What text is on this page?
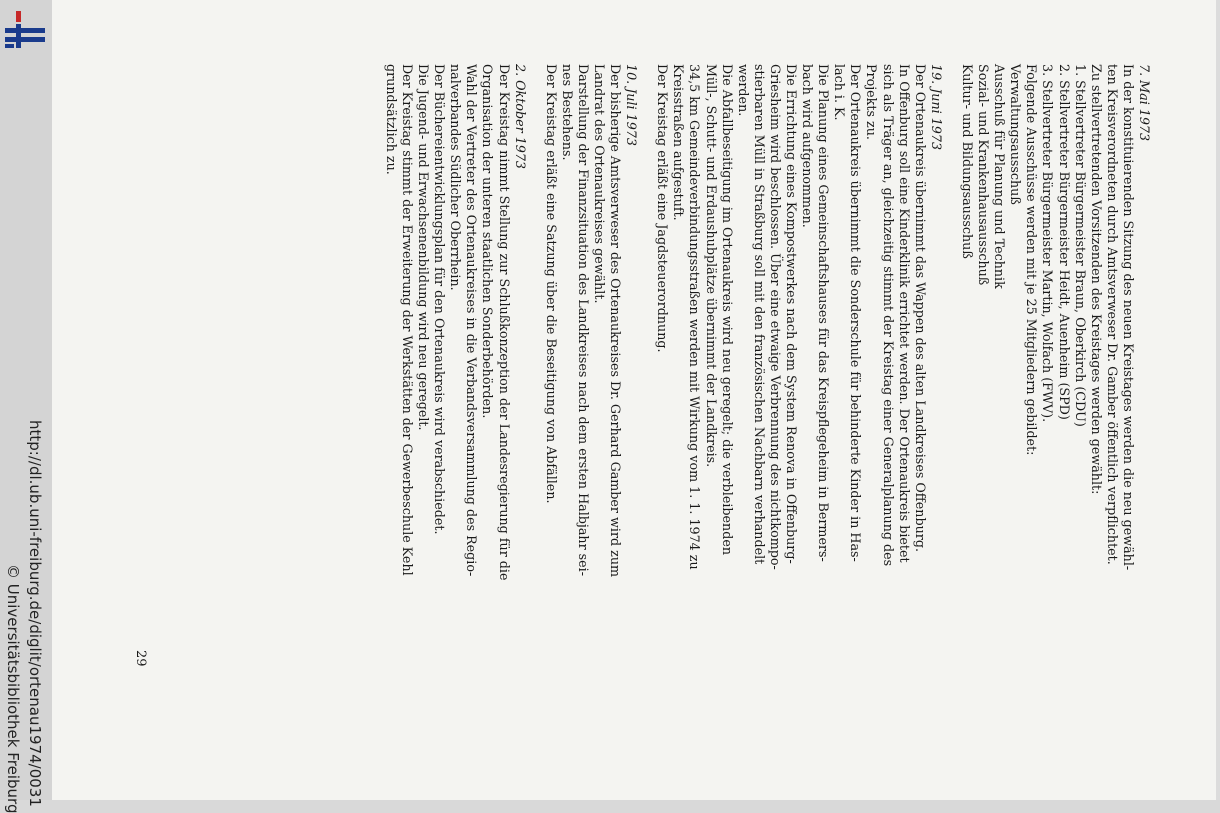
http://dl.ub.uni-freiburg.de/diglit/ortenau1974/0031
© Universitätsbibliothek Freiburg

7. Mai 1973

In der konstituierenden Sitzung des neuen Kreistages werden die neu gewähl-

ten Kreisverordneten durch Amtsverweser Dr. Gamber öffentlich verpflichtet.

Zu stellvertretenden Vorsitzenden des Kreistages werden gewählt:

1. Stellvertreter Bürgermeister Braun, Oberkirch (CDU)

2. Stellvertreter Bürgermeister Heidt, Auenheim (SPD)

3. Stellvertreter Bürgermeister Martin, Wolfach (FWV).

Folgende Ausschüsse werden mit je 25 Mitgliedern gebildet:

Verwaltungsausschuß

Ausschuß für Planung und Technik

Sozial- und Krankenhausausschuß

Kultur- und Bildungsausschuß

19. Juni 1973

Der Ortenaukreis übernimmt das Wappen des alten Landkreises Offenburg.

In Offenburg soll eine Kinderklinik errichtet werden. Der Ortenaukreis bietet

sich als Träger an, gleichzeitig stimmt der Kreistag einer Generalplanung des

Projekts zu.

Der Ortenaukreis übernimmt die Sonderschule für behinderte Kinder in Has-

lach i. K.

Die Planung eines Gemeinschaftshauses für das Kreispflegeheim in Bermers-

bach wird aufgenommen.

Die Errichtung eines Kompostwerkes nach dem System Renova in Offenburg-

Griesheim wird beschlossen. Über eine etwaige Verbrennung des nichtkompo-

stierbaren Müll in Straßburg soll mit den französischen Nachbarn verhandelt

werden.

Die Abfallbeseitigung im Ortenaukreis wird neu geregelt; die verbleibenden

Müll-, Schutt- und Erdaushubplätze übernimmt der Landkreis.

34,5 km Gemeindeverbindungsstraßen werden mit Wirkung vom 1. 1. 1974 zu

Kreisstraßen aufgestuft.

Der Kreistag erläßt eine Jagdsteuerordnung.

10. Juli 1973

Der bisherige Amtsverweser des Ortenaukreises Dr. Gerhard Gamber wird zum

Landrat des Ortenaukreises gewählt.

Darstellung der Finanzsituation des Landkreises nach dem ersten Halbjahr sei-

nes Bestehens.

Der Kreistag erläßt eine Satzung über die Beseitigung von Abfällen.

2. Oktober 1973

Der Kreistag nimmt Stellung zur Schlußkonzeption der Landesregierung für die

Organisation der unteren staatlichen Sonderbehörden.

Wahl der Vertreter des Ortenaukreises in die Verbandsversammlung des Regio-

nalverbandes Südlicher Oberrhein.

Der Büchereientwicklungsplan für den Ortenaukreis wird verabschiedet.

Die Jugend- und Erwachsenenbildung wird neu geregelt.

Der Kreistag stimmt der Erweiterung der Werkstätten der Gewerbeschule Kehl

grundsätzlich zu.

29
